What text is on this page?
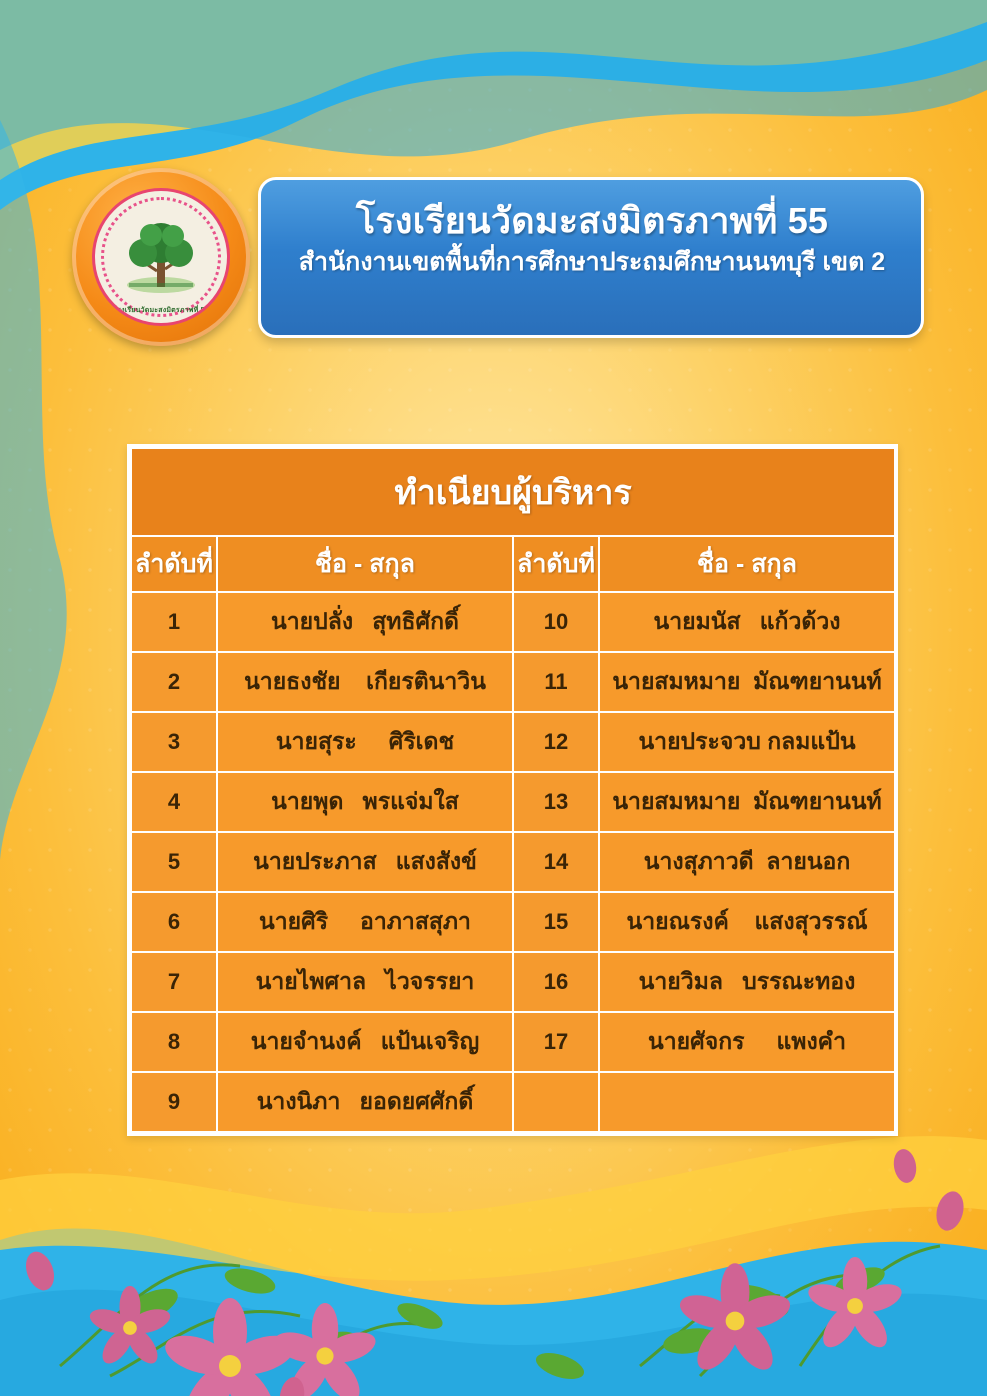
โรงเรียนวัดมะสงมิตรภาพที่ 55
สำนักงานเขตพื้นที่การศึกษาประถมศึกษานนทบุรี เขต 2
โรงเรียนวัดมะสงมิตรภาพที่ 55
ทำเนียบผู้บริหาร			
ลำดับที่	ชื่อ - สกุล	ลำดับที่	ชื่อ - สกุล
1	นายปลั่ง   สุทธิศักดิ์	10	นายมนัส   แก้วด้วง
2	นายธงชัย    เกียรตินาวิน	11	นายสมหมาย  มัณฑยานนท์
3	นายสุระ     ศิริเดช	12	นายประจวบ กลมแป้น
4	นายพุด   พรแจ่มใส	13	นายสมหมาย  มัณฑยานนท์
5	นายประภาส   แสงสังข์	14	นางสุภาวดี  ลายนอก
6	นายศิริ     อาภาสสุภา	15	นายณรงค์    แสงสุวรรณ์
7	นายไพศาล   ไวจรรยา	16	นายวิมล   บรรณะทอง
8	นายจำนงค์   แป้นเจริญ	17	นายศัจกร     แพงคำ
9	นางนิภา   ยอดยศศักดิ์		
